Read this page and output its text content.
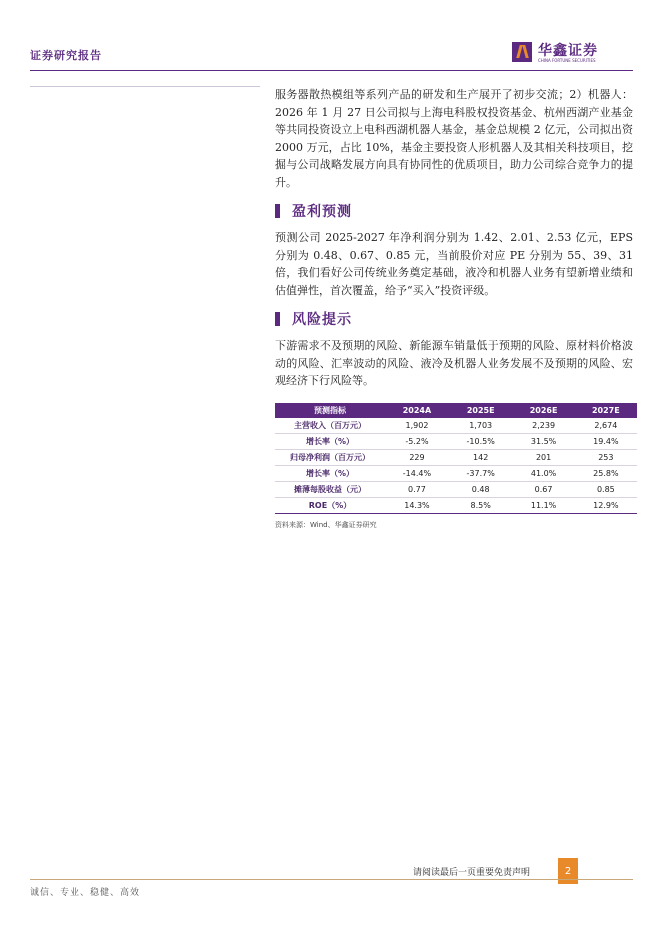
证券研究报告	华鑫证券
CHINA FORTUNE SECURITIES

服务器散热模组等系列产品的研发和生产展开了初步交流；2）机器人：2026 年 1 月 27 日公司拟与上海电科股权投资基金、杭州西湖产业基金等共同投资设立上电科西湖机器人基金，基金总规模 2 亿元，公司拟出资 2000 万元，占比 10%，基金主要投资人形机器人及其相关科技项目，挖掘与公司战略发展方向具有协同性的优质项目，助力公司综合竞争力的提升。

盈利预测

预测公司 2025-2027 年净利润分别为 1.42、2.01、2.53 亿元，EPS 分别为 0.48、0.67、0.85 元，当前股价对应 PE 分别为 55、39、31 倍，我们看好公司传统业务奠定基础，液冷和机器人业务有望新增业绩和估值弹性，首次覆盖，给予“买入”投资评级。

风险提示

下游需求不及预期的风险、新能源车销量低于预期的风险、原材料价格波动的风险、汇率波动的风险、液冷及机器人业务发展不及预期的风险、宏观经济下行风险等。

预测指标	2024A	2025E	2026E	2027E
主营收入（百万元）	1,902	1,703	2,239	2,674
增长率（%）	-5.2%	-10.5%	31.5%	19.4%
归母净利润（百万元）	229	142	201	253
增长率（%）	-14.4%	-37.7%	41.0%	25.8%
摊薄每股收益（元）	0.77	0.48	0.67	0.85
ROE（%）	14.3%	8.5%	11.1%	12.9%
资料来源：Wind、华鑫证券研究
请阅读最后一页重要免责声明	2
诚信、专业、稳健、高效
